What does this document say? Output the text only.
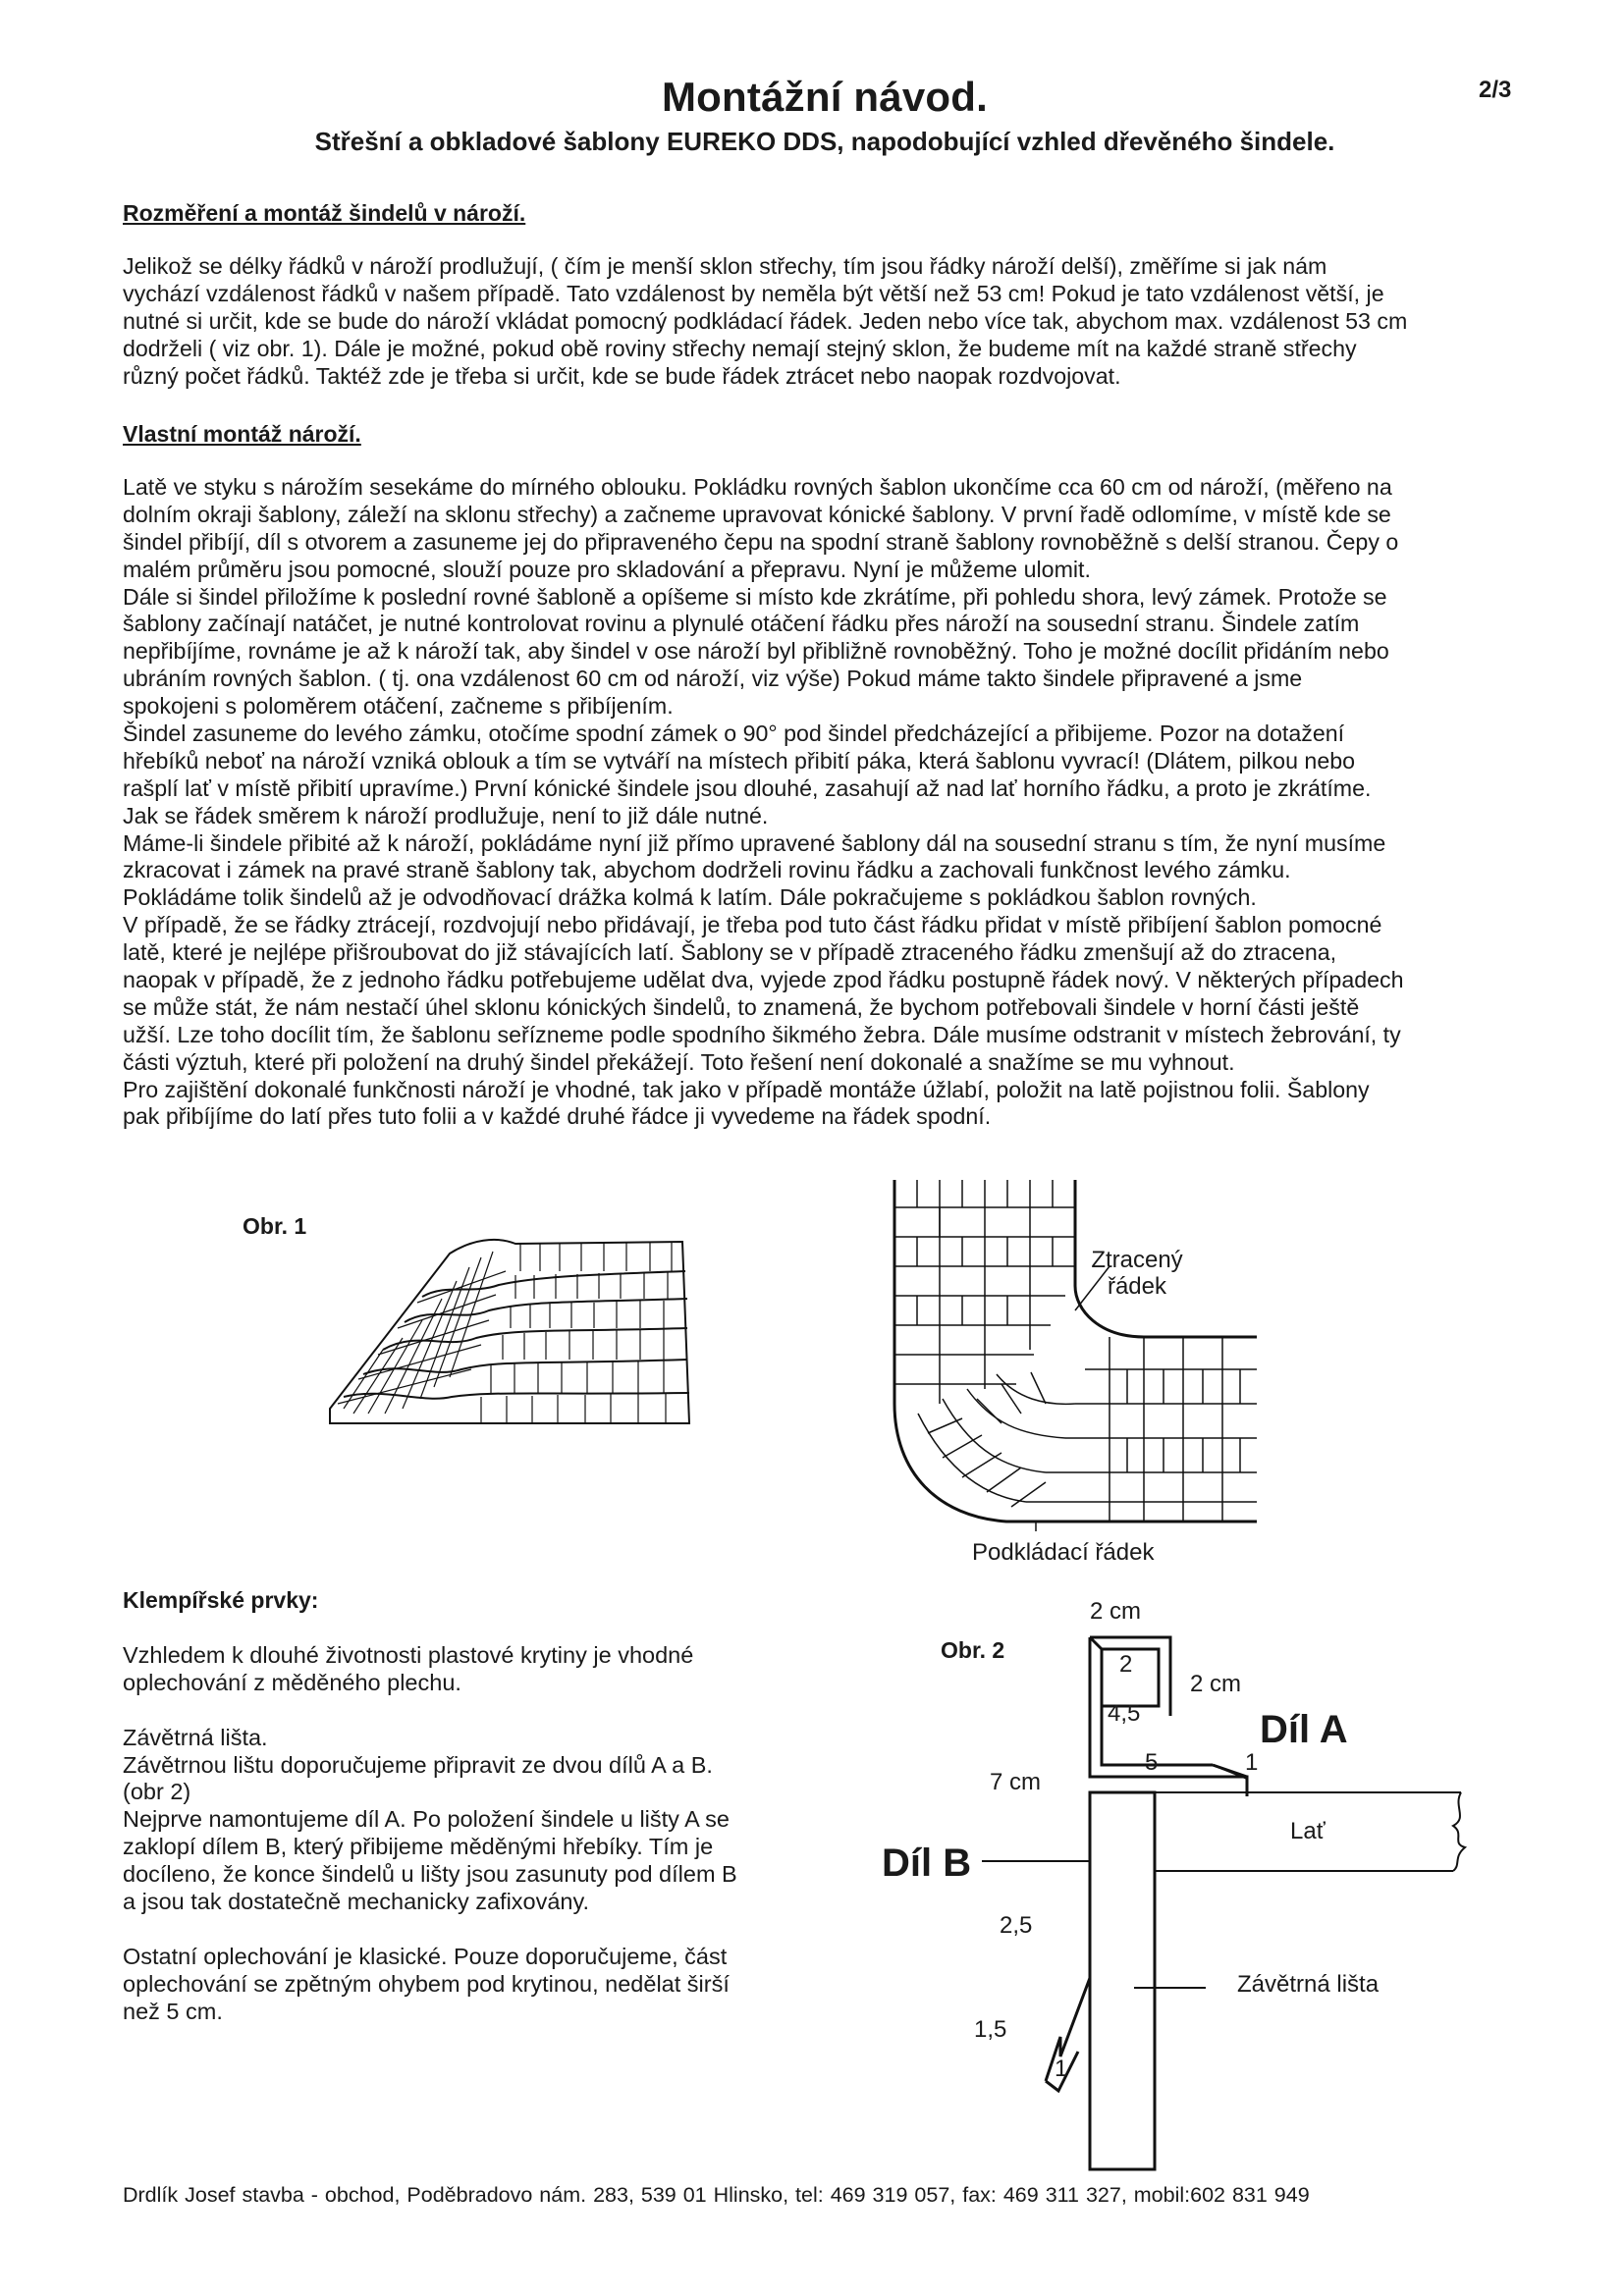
Montážní návod.
Střešní a obkladové šablony EUREKO DDS, napodobující vzhled dřevěného šindele.
2/3
Rozměření a montáž šindelů v nároží.
Jelikož se délky řádků v nároží prodlužují, ( čím je menší sklon střechy, tím jsou řádky nároží delší), změříme si jak nám
vychází vzdálenost řádků v našem případě. Tato vzdálenost by neměla být větší než 53 cm! Pokud je tato vzdálenost větší, je
nutné si určit, kde se bude do nároží vkládat pomocný podkládací řádek. Jeden nebo více tak, abychom max. vzdálenost 53 cm
dodrželi ( viz obr. 1). Dále je možné, pokud obě roviny střechy nemají stejný sklon, že budeme mít na každé straně střechy
různý počet řádků. Taktéž zde je třeba si určit, kde se bude řádek ztrácet nebo naopak rozdvojovat.
Vlastní montáž nároží.
Latě ve styku s nárožím sesekáme do mírného oblouku. Pokládku rovných šablon ukončíme cca 60 cm od nároží, (měřeno na
dolním okraji šablony, záleží na sklonu střechy) a začneme upravovat kónické šablony. V první řadě odlomíme, v místě kde se
šindel přibíjí, díl s otvorem a zasuneme jej do připraveného čepu na spodní straně šablony rovnoběžně s delší stranou. Čepy o
malém průměru jsou pomocné, slouží pouze pro skladování a přepravu. Nyní je můžeme ulomit.
Dále si šindel přiložíme k poslední rovné šabloně a opíšeme si místo kde zkrátíme, při pohledu shora, levý zámek. Protože se
šablony začínají natáčet, je nutné kontrolovat rovinu a plynulé otáčení řádku přes nároží na sousední stranu. Šindele zatím
nepřibíjíme, rovnáme je až k nároží tak, aby šindel v ose nároží byl přibližně rovnoběžný. Toho je možné docílit přidáním nebo
ubráním rovných šablon. ( tj. ona vzdálenost 60 cm od nároží, viz výše) Pokud máme takto šindele připravené a jsme
spokojeni s poloměrem otáčení, začneme s přibíjením.
Šindel zasuneme do levého zámku, otočíme spodní zámek o 90° pod šindel předcházející a přibijeme. Pozor na dotažení
hřebíků neboť na nároží vzniká oblouk a tím se vytváří na místech přibití páka, která šablonu vyvrací! (Dlátem, pilkou nebo
rašplí lať v místě přibití upravíme.) První kónické šindele jsou dlouhé, zasahují až nad lať horního řádku, a proto je zkrátíme.
Jak se řádek směrem k nároží prodlužuje, není to již dále nutné.
Máme-li šindele přibité až k nároží, pokládáme nyní již přímo upravené šablony dál na sousední stranu s tím, že nyní musíme
zkracovat i zámek na pravé straně šablony tak, abychom dodrželi rovinu řádku a zachovali funkčnost levého zámku.
Pokládáme tolik šindelů až je odvodňovací drážka kolmá k latím. Dále pokračujeme s pokládkou šablon rovných.
V případě, že se řádky ztrácejí, rozdvojují nebo přidávají, je třeba pod tuto část řádku přidat v místě přibíjení šablon pomocné
latě, které je nejlépe přišroubovat do již stávajících latí. Šablony se v případě ztraceného řádku zmenšují až do ztracena,
naopak v případě, že z jednoho řádku potřebujeme udělat dva, vyjede zpod řádku postupně řádek nový. V některých případech
se může stát, že nám nestačí úhel sklonu kónických šindelů, to znamená, že bychom potřebovali šindele v horní části ještě
užší. Lze toho docílit tím, že šablonu seřízneme podle spodního šikmého žebra. Dále musíme odstranit v místech žebrování, ty
části výztuh, které při položení na druhý šindel překážejí. Toto řešení není dokonalé a snažíme se mu vyhnout.
Pro zajištění dokonalé funkčnosti nároží je vhodné, tak jako v případě montáže úžlabí, položit na latě pojistnou folii. Šablony
pak přibíjíme do latí přes tuto folii a v každé druhé řádce ji vyvedeme na řádek spodní.
Obr. 1
Ztracený
řádek
Podkládací řádek
Klempířské prvky:
Vzhledem k dlouhé životnosti plastové krytiny je vhodné
oplechování z měděného plechu.
Závětrná lišta.
Závětrnou lištu doporučujeme připravit ze dvou dílů A a B.
(obr 2)
Nejprve namontujeme díl A. Po položení šindele u lišty A se
zaklopí dílem B, který přibijeme měděnými hřebíky. Tím je
docíleno, že konce šindelů u lišty jsou zasunuty pod dílem B
a jsou tak dostatečně mechanicky zafixovány.
Ostatní oplechování je klasické. Pouze doporučujeme, část
oplechování se zpětným ohybem pod krytinou, nedělat širší
než 5 cm.
Obr. 2
2 cm
2
2 cm
4,5	Díl A
5	1
7 cm
Lať
Díl B
2,5
Závětrná lišta
1,5
1
Drdlík Josef stavba - obchod, Poděbradovo nám. 283, 539 01 Hlinsko, tel: 469 319 057, fax: 469 311 327, mobil:602 831 949
